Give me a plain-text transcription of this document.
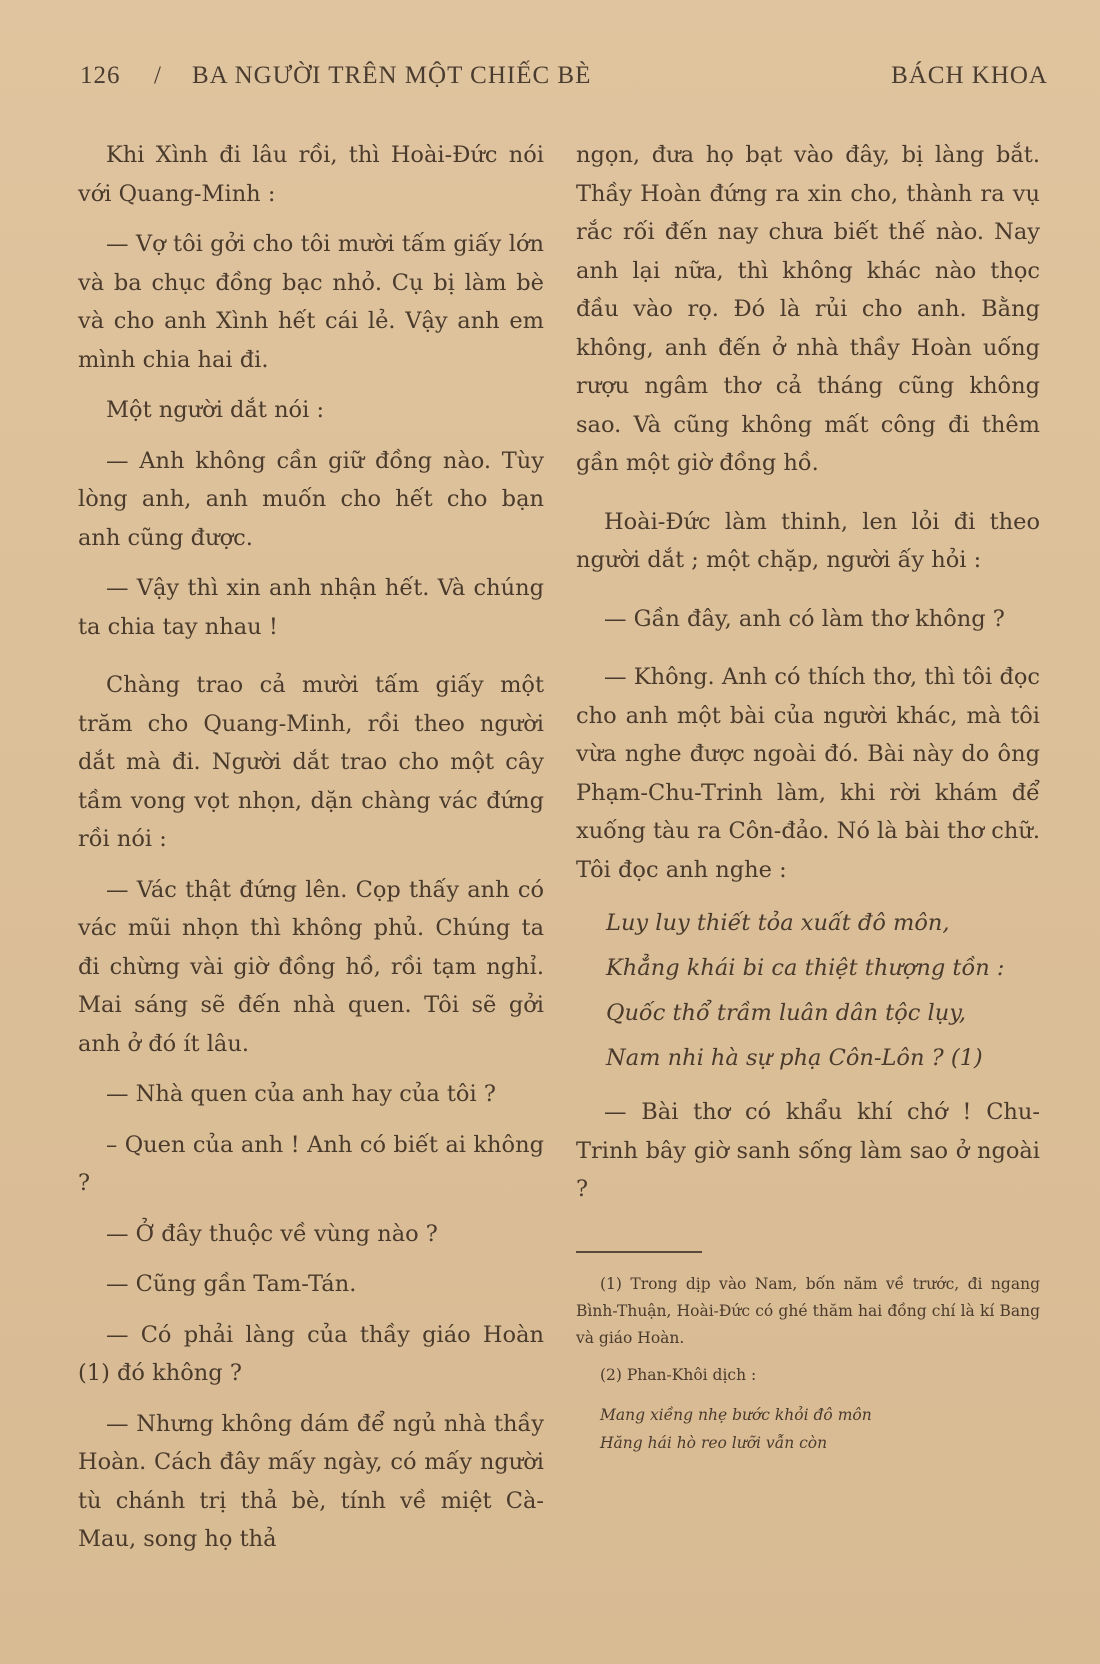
126 / BA NGƯỜI TRÊN MỘT CHIẾC BÈ	BÁCH KHOA

Khi Xình đi lâu rồi, thì Hoài-Đức nói với Quang-Minh :

— Vợ tôi gởi cho tôi mười tấm giấy lớn và ba chục đồng bạc nhỏ. Cụ bị làm bè và cho anh Xình hết cái lẻ. Vậy anh em mình chia hai đi.

Một người dắt nói :

— Anh không cần giữ đồng nào. Tùy lòng anh, anh muốn cho hết cho bạn anh cũng được.

— Vậy thì xin anh nhận hết. Và chúng ta chia tay nhau !

Chàng trao cả mười tấm giấy một trăm cho Quang-Minh, rồi theo người dắt mà đi. Người dắt trao cho một cây tầm vong vọt nhọn, dặn chàng vác đứng rồi nói :

— Vác thật đứng lên. Cọp thấy anh có vác mũi nhọn thì không phủ. Chúng ta đi chừng vài giờ đồng hồ, rồi tạm nghỉ. Mai sáng sẽ đến nhà quen. Tôi sẽ gởi anh ở đó ít lâu.

— Nhà quen của anh hay của tôi ?

– Quen của anh ! Anh có biết ai không ?

— Ở đây thuộc về vùng nào ?

— Cũng gần Tam-Tán.

— Có phải làng của thầy giáo Hoàn (1) đó không ?

— Nhưng không dám để ngủ nhà thầy Hoàn. Cách đây mấy ngày, có mấy người tù chánh trị thả bè, tính về miệt Cà-Mau, song họ thả

ngọn, đưa họ bạt vào đây, bị làng bắt. Thầy Hoàn đứng ra xin cho, thành ra vụ rắc rối đến nay chưa biết thế nào. Nay anh lại nữa, thì không khác nào thọc đầu vào rọ. Đó là rủi cho anh. Bằng không, anh đến ở nhà thầy Hoàn uống rượu ngâm thơ cả tháng cũng không sao. Và cũng không mất công đi thêm gần một giờ đồng hồ.

Hoài-Đức làm thinh, len lỏi đi theo người dắt ; một chặp, người ấy hỏi :

— Gần đây, anh có làm thơ không ?

— Không. Anh có thích thơ, thì tôi đọc cho anh một bài của người khác, mà tôi vừa nghe được ngoài đó. Bài này do ông Phạm-Chu-Trinh làm, khi rời khám để xuống tàu ra Côn-đảo. Nó là bài thơ chữ. Tôi đọc anh nghe :

Luy luy thiết tỏa xuất đô môn,
Khẳng khái bi ca thiệt thượng tồn :
Quốc thổ trầm luân dân tộc lụy,
Nam nhi hà sự phạ Côn-Lôn ? (1)

— Bài thơ có khẩu khí chớ ! Chu-Trinh bây giờ sanh sống làm sao ở ngoài ?

(1) Trong dịp vào Nam, bốn năm về trước, đi ngang Bình-Thuận, Hoài-Đức có ghé thăm hai đồng chí là kí Bang và giáo Hoàn.

(2) Phan-Khôi dịch :

Mang xiềng nhẹ bước khỏi đô môn
Hăng hái hò reo lưỡi vẫn còn
